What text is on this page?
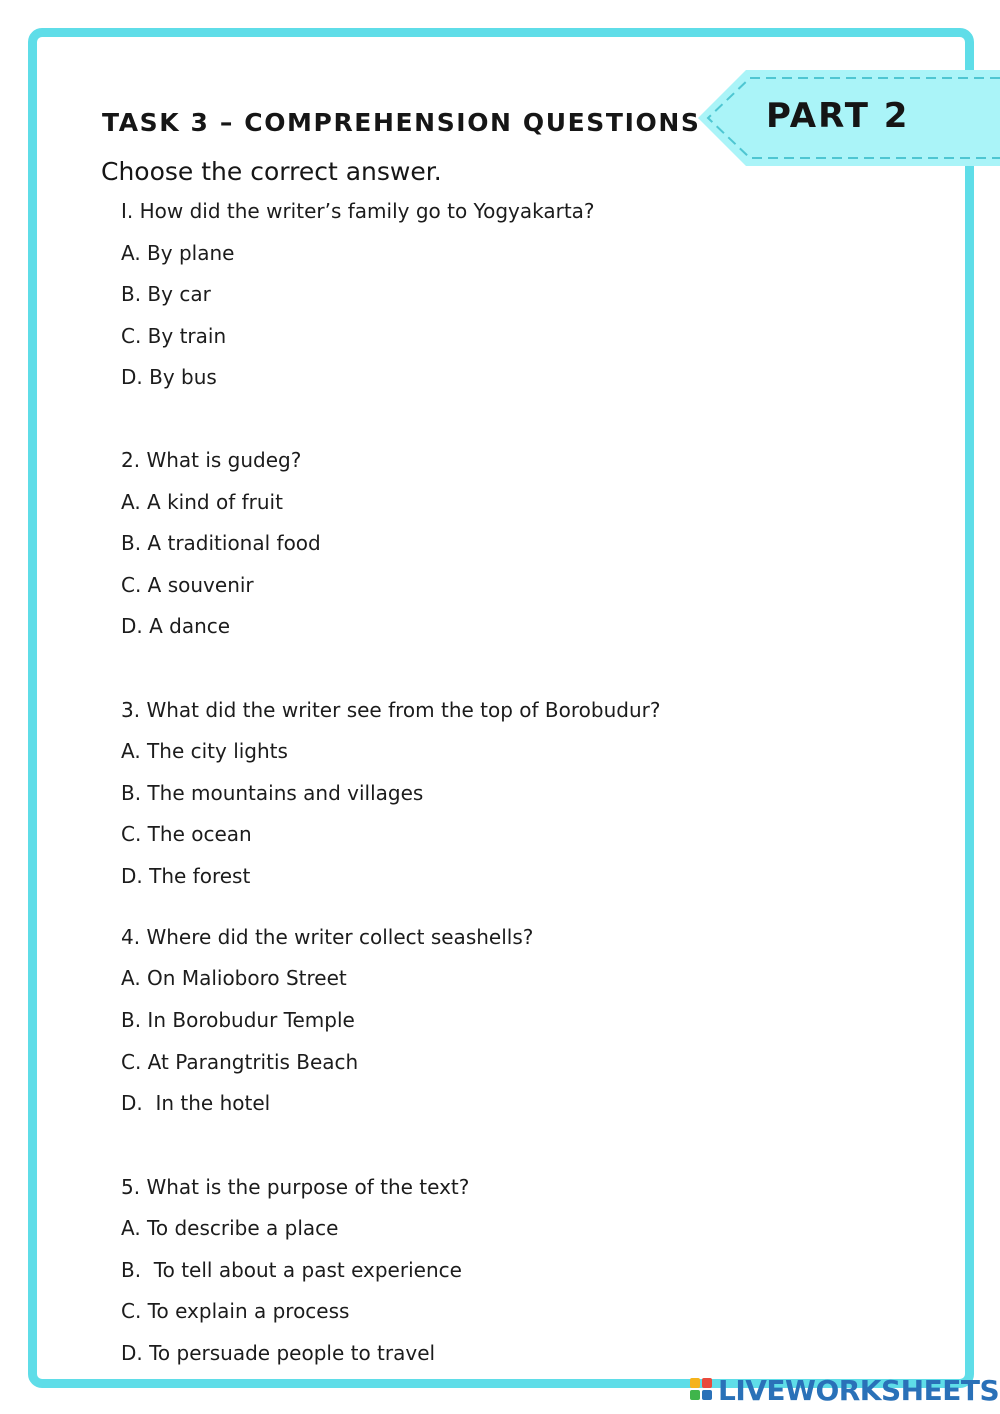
PART 2
TASK 3 – COMPREHENSION QUESTIONS
Choose the correct answer.
I. How did the writer’s family go to Yogyakarta?
A. By plane
B. By car
C. By train
D. By bus
2. What is gudeg?
A. A kind of fruit
B. A traditional food
C. A souvenir
D. A dance
3. What did the writer see from the top of Borobudur?
A. The city lights
B. The mountains and villages
C. The ocean
D. The forest
4. Where did the writer collect seashells?
A. On Malioboro Street
B. In Borobudur Temple
C. At Parangtritis Beach
D.  In the hotel
5. What is the purpose of the text?
A. To describe a place
B.  To tell about a past experience
C. To explain a process
D. To persuade people to travel
LIVEWORKSHEETS
